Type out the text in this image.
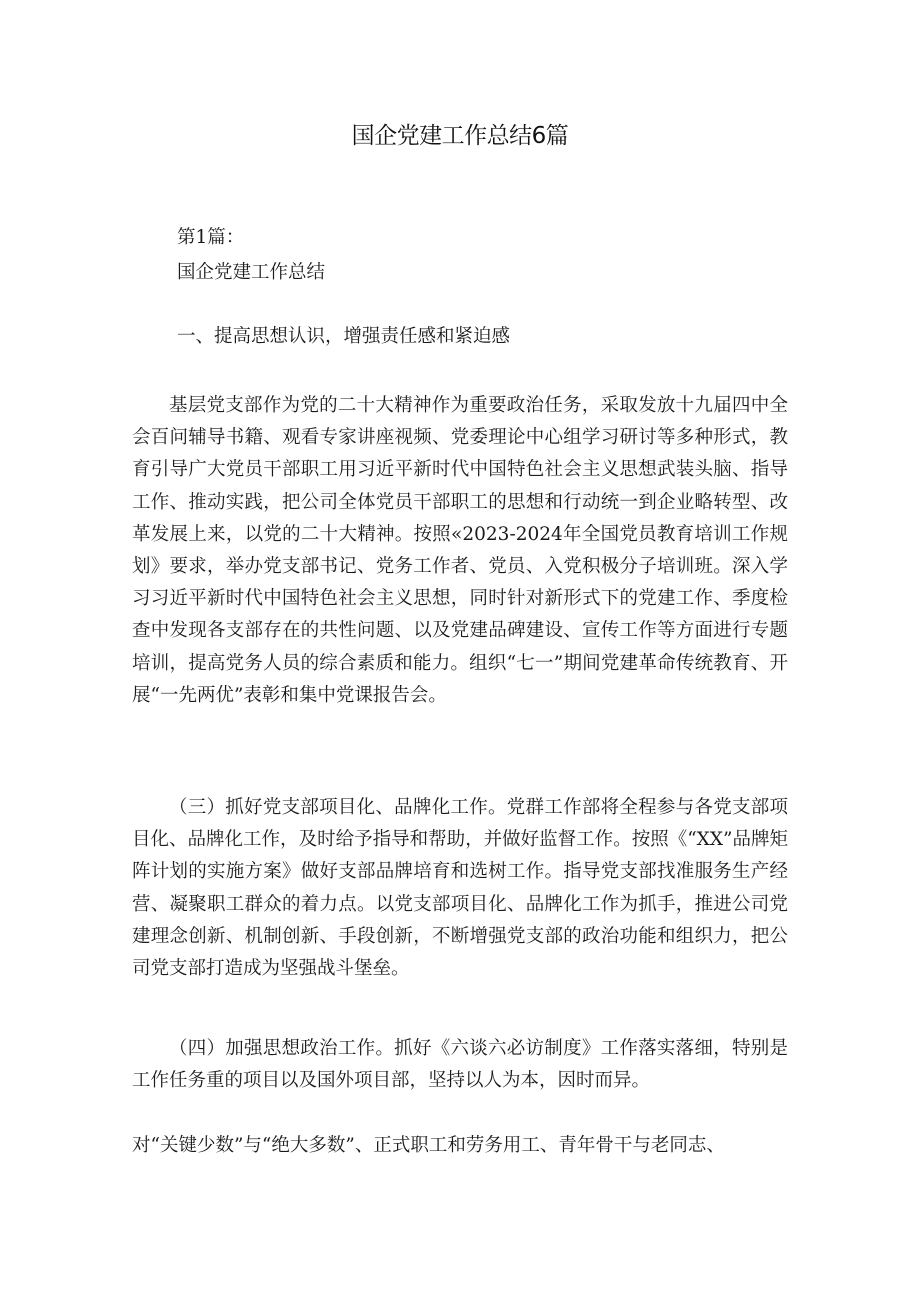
国企党建工作总结6篇
第1篇：
国企党建工作总结
一、提高思想认识，增强责任感和紧迫感
基层党支部作为党的二十大精神作为重要政治任务，采取发放十九届四中全会百问辅导书籍、观看专家讲座视频、党委理论中心组学习研讨等多种形式，教育引导广大党员干部职工用习近平新时代中国特色社会主义思想武装头脑、指导工作、推动实践，把公司全体党员干部职工的思想和行动统一到企业略转型、改革发展上来，以党的二十大精神。按照«2023-2024年全国党员教育培训工作规划》要求，举办党支部书记、党务工作者、党员、入党积极分子培训班。深入学习习近平新时代中国特色社会主义思想，同时针对新形式下的党建工作、季度检查中发现各支部存在的共性问题、以及党建品碑建设、宣传工作等方面进行专题培训，提高党务人员的综合素质和能力。组织“七一”期间党建革命传统教育、开展“一先两优”表彰和集中党课报告会。
（三）抓好党支部项目化、品牌化工作。党群工作部将全程参与各党支部项目化、品牌化工作，及时给予指导和帮助，并做好监督工作。按照《“XX”品牌矩阵计划的实施方案》做好支部品牌培育和选树工作。指导党支部找准服务生产经营、凝聚职工群众的着力点。以党支部项目化、品牌化工作为抓手，推进公司党建理念创新、机制创新、手段创新，不断增强党支部的政治功能和组织力，把公司党支部打造成为坚强战斗堡垒。
（四）加强思想政治工作。抓好《六谈六必访制度》工作落实落细，特别是工作任务重的项目以及国外项目部，坚持以人为本，因时而异。
对“关键少数”与“绝大多数”、正式职工和劳务用工、青年骨干与老同志、
